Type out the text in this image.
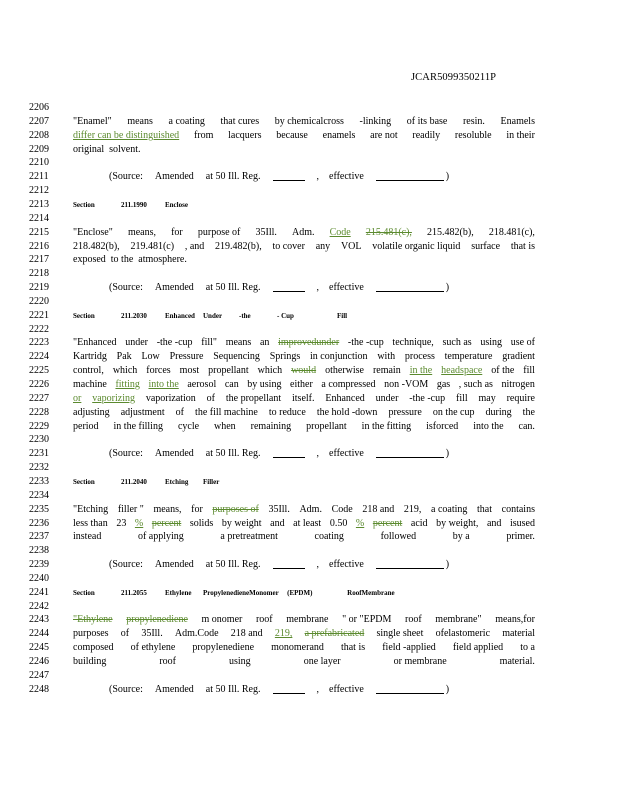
JCAR5099350211P
2206
2207	"Enamel" means a coating that cures by chemicalcross -linking of its base resin. Enamels
2208	differ can be distinguished from lacquers because enamels are not readily resoluble in their
2209	original solvent.
2210
2211	(Source: Amended at 50 Ill. Reg.	, effective	)
2212
2213	Section	211.1990	Enclose
2214
2215	"Enclose" means, for purpose of 35Ill. Adm. Code 215.481(c), 215.482(b), 218.481(c),
2216	218.482(b), 219.481(c) , and 219.482(b), to cover any VOL volatile organic liquid surface that is
2217	exposed to the atmosphere.
2218
2219	(Source: Amended at 50 Ill. Reg.	, effective	)
2220
2221	Section	211.2030	Enhanced	Under	-the	- Cup	Fill
2222
2223	"Enhanced under -the -cup fill" means an improvedunder -the -cup technique, such as using use of
2224	Kartridg Pak Low Pressure Sequencing Springs in conjunction with process temperature gradient
2225	control, which forces most propellant which would otherwise remain in the headspace of the fill
2226	machine fitting into the aerosol can by using either a compressed non -VOM gas , such as nitrogen
2227	or vaporizing vaporization of the propellant itself. Enhanced under -the -cup fill may require
2228	adjusting adjustment of the fill machine to reduce the hold -down pressure on the cup during the
2229	period in the filling cycle when remaining propellant in the fitting isforced into the can.
2230
2231	(Source: Amended at 50 Ill. Reg.	, effective	)
2232
2233	Section	211.2040	Etching	Filler
2234
2235	"Etching filler " means, for purposes of 35Ill. Adm. Code 218 and 219, a coating that contains
2236	less than 23 % percent solids by weight and at least 0.50 % percent acid by weight, and isused
2237	instead	of applying	a pretreatment	coating	followed	by a	primer.
2238
2239	(Source: Amended at 50 Ill. Reg.	, effective	)
2240
2241	Section	211.2055	Ethylene	Propylenediene Monomer	(EPDM)	RoofMembrane
2242
2243	"Ethylene propylenediene m onomer roof membrane " or "EPDM roof membrane" means,for
2244	purposes of 35Ill. Adm.Code 218 and 219, a prefabricated single sheet ofelastomeric material
2245	composed of ethylene propylenediene monomerand that is field -applied field applied to a
2246	building	roof	using	one layer	or membrane	material.
2247
2248	(Source: Amended at 50 Ill. Reg.	, effective	)
